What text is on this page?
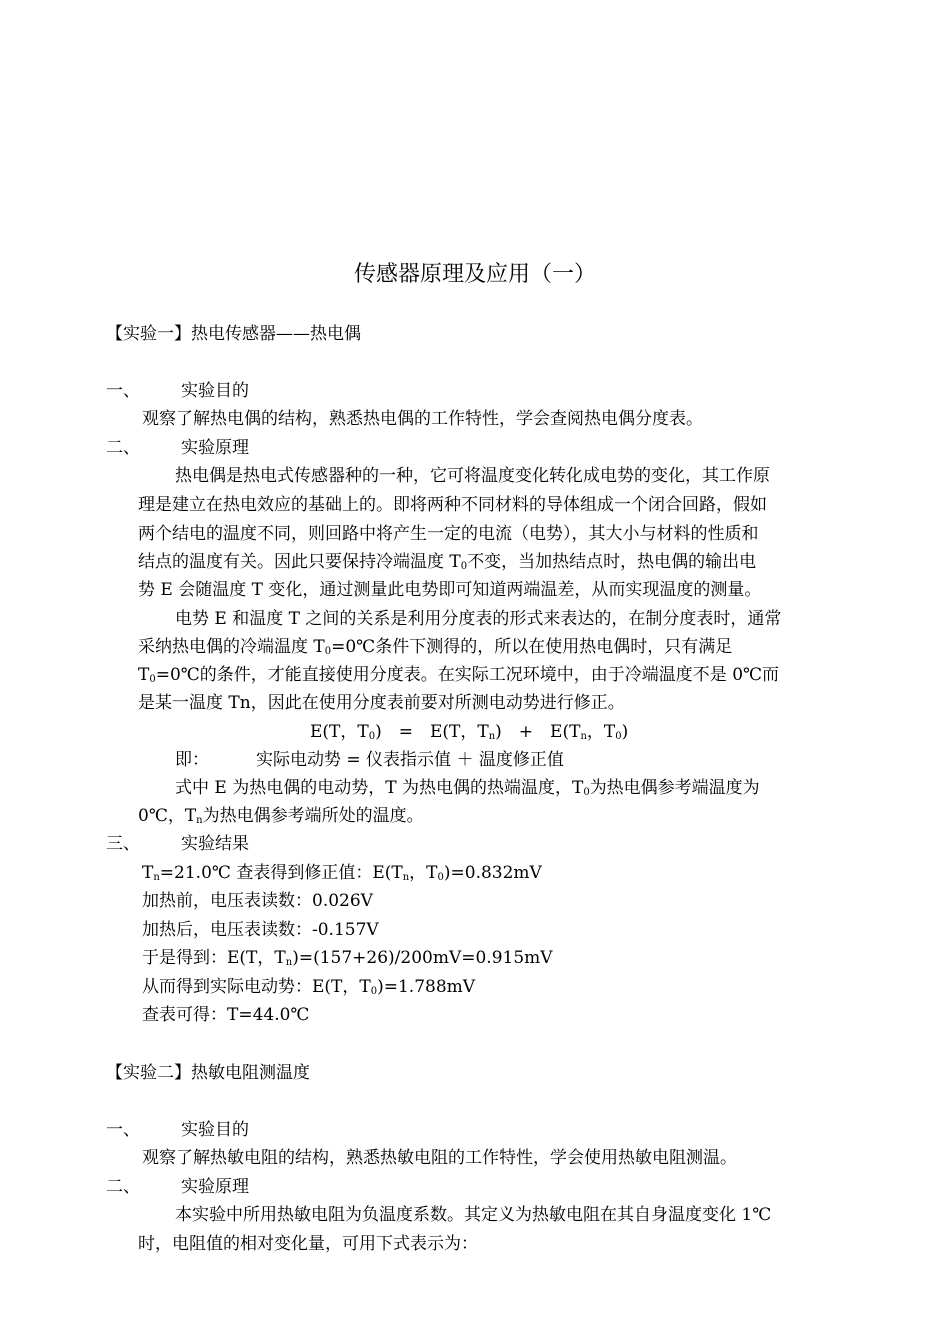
传感器原理及应用（一）
【实验一】热电传感器——热电偶
一、 实验目的
观察了解热电偶的结构，熟悉热电偶的工作特性，学会查阅热电偶分度表。
二、 实验原理
热电偶是热电式传感器种的一种，它可将温度变化转化成电势的变化，其工作原
理是建立在热电效应的基础上的。即将两种不同材料的导体组成一个闭合回路，假如
两个结电的温度不同，则回路中将产生一定的电流（电势），其大小与材料的性质和
结点的温度有关。因此只要保持冷端温度 $T_0$不变，当加热结点时，热电偶的输出电
势 E 会随温度 T 变化，通过测量此电势即可知道两端温差，从而实现温度的测量。
电势 E 和温度 T 之间的关系是利用分度表的形式来表达的，在制分度表时，通常
采纳热电偶的冷端温度 $T_0=0℃$条件下测得的，所以在使用热电偶时，只有满足
$T_0=0℃$的条件，才能直接使用分度表。在实际工况环境中，由于冷端温度不是 0℃而
是某一温度 Tn，因此在使用分度表前要对所测电动势进行修正。
E(T，$T_0$)　=　E(T，$T_n$)　+　$E(T_n$，$T_0$)
即：	实际电动势 = 仪表指示值 ＋ 温度修正值
式中 E 为热电偶的电动势，T 为热电偶的热端温度，$T_0$为热电偶参考端温度为
0℃，$T_n$为热电偶参考端所处的温度。
三、 实验结果
$T_n=21.0℃$ 查表得到修正值：$E(T_n$，$T_0)=0.832mV$
加热前，电压表读数：0.026V
加热后，电压表读数：-0.157V
于是得到：E(T，$T_n)=(157+26)/200mV=0.915mV$
从而得到实际电动势：E(T，$T_0)=1.788mV$
查表可得：T=44.0℃
【实验二】热敏电阻测温度
一、 实验目的
观察了解热敏电阻的结构，熟悉热敏电阻的工作特性，学会使用热敏电阻测温。
二、 实验原理
本实验中所用热敏电阻为负温度系数。其定义为热敏电阻在其自身温度变化 1℃
时，电阻值的相对变化量，可用下式表示为：
